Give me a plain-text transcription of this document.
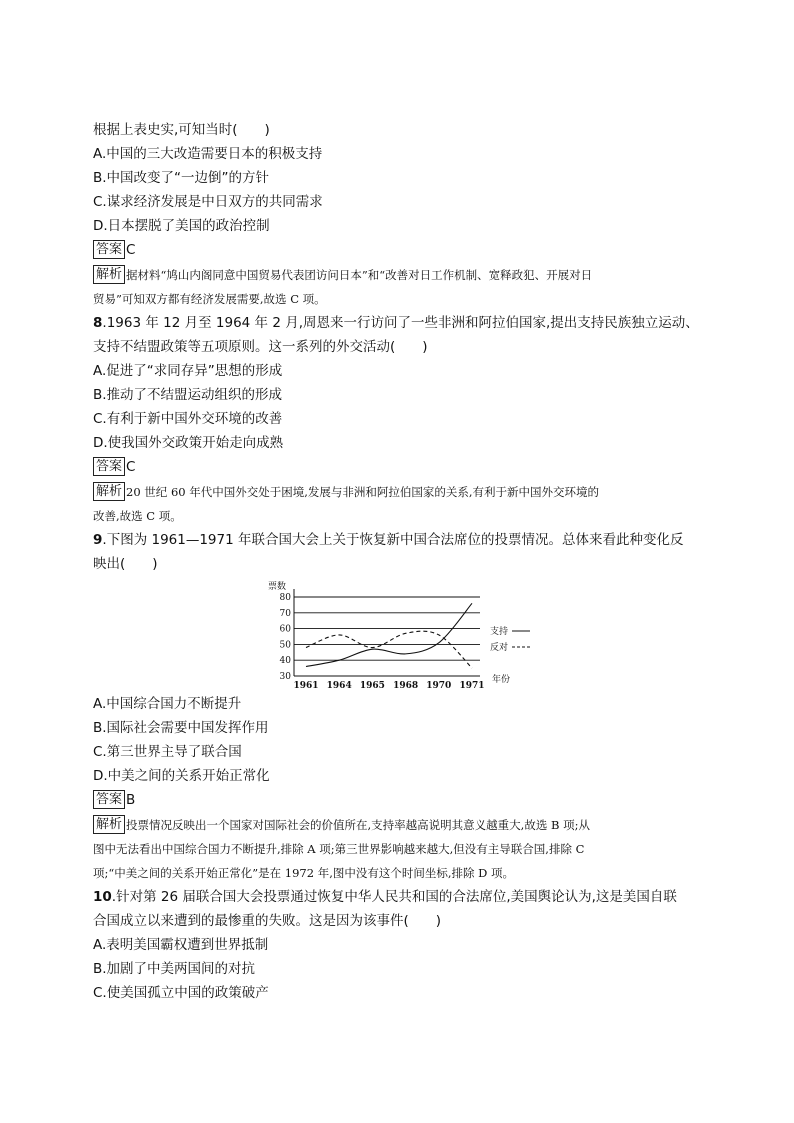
根据上表史实,可知当时(　　)
A.中国的三大改造需要日本的积极支持
B.中国改变了“一边倒”的方针
C.谋求经济发展是中日双方的共同需求
D.日本摆脱了美国的政治控制
答案 C
解析 据材料“鸠山内阁同意中国贸易代表团访问日本”和“改善对日工作机制、宽释政犯、开展对日
贸易”可知双方都有经济发展需要,故选 C 项。
8.1963 年 12 月至 1964 年 2 月,周恩来一行访问了一些非洲和阿拉伯国家,提出支持民族独立运动、
支持不结盟政策等五项原则。这一系列的外交活动(　　)
A.促进了“求同存异”思想的形成
B.推动了不结盟运动组织的形成
C.有利于新中国外交环境的改善
D.使我国外交政策开始走向成熟
答案 C
解析 20 世纪 60 年代中国外交处于困境,发展与非洲和阿拉伯国家的关系,有利于新中国外交环境的
改善,故选 C 项。
9.下图为 1961—1971 年联合国大会上关于恢复新中国合法席位的投票情况。总体来看此种变化反
映出(　　)
A.中国综合国力不断提升
B.国际社会需要中国发挥作用
C.第三世界主导了联合国
D.中美之间的关系开始正常化
答案 B
解析 投票情况反映出一个国家对国际社会的价值所在,支持率越高说明其意义越重大,故选 B 项;从
图中无法看出中国综合国力不断提升,排除 A 项;第三世界影响越来越大,但没有主导联合国,排除 C
项;“中美之间的关系开始正常化”是在 1972 年,图中没有这个时间坐标,排除 D 项。
10.针对第 26 届联合国大会投票通过恢复中华人民共和国的合法席位,美国舆论认为,这是美国自联
合国成立以来遭到的最惨重的失败。这是因为该事件(　　)
A.表明美国霸权遭到世界抵制
B.加剧了中美两国间的对抗
C.使美国孤立中国的政策破产
30
40
50
60
70
80
票数
1961 1964 1965 1968 1970 1971
年份
支持
反对
